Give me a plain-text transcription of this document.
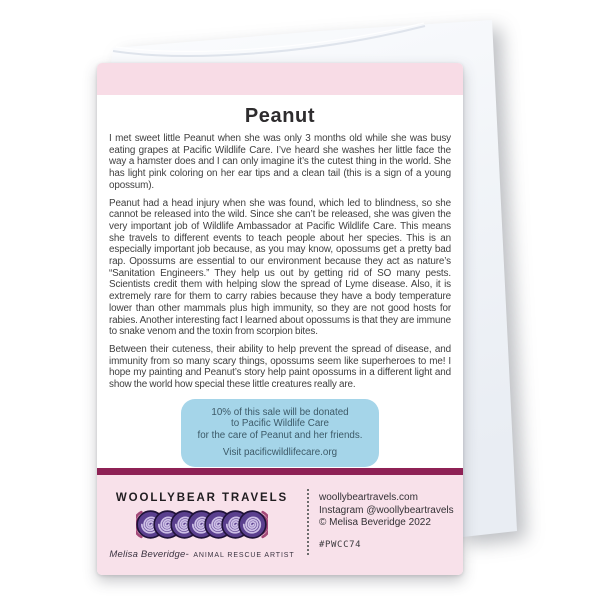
Peanut

I met sweet little Peanut when she was only 3 months old while she was busy eating grapes at Pacific Wildlife Care. I’ve heard she washes her little face the way a hamster does and I can only imagine it’s the cutest thing in the world. She has light pink coloring on her ear tips and a clean tail (this is a sign of a young opossum).

Peanut had a head injury when she was found, which led to blindness, so she cannot be released into the wild. Since she can’t be released, she was given the very important job of Wildlife Ambassador at Pacific Wildlife Care. This means she travels to different events to teach people about her species. This is an especially important job because, as you may know, opossums get a pretty bad rap. Opossums are essential to our environment because they act as nature’s “Sanitation Engineers.” They help us out by getting rid of SO many pests. Scientists credit them with helping slow the spread of Lyme disease. Also, it is extremely rare for them to carry rabies because they have a body temperature lower than other mammals plus high immunity, so they are not good hosts for rabies. Another interesting fact I learned about opossums is that they are immune to snake venom and the toxin from scorpion bites.

Between their cuteness, their ability to help prevent the spread of disease, and immunity from so many scary things, opossums seem like superheroes to me! I hope my painting and Peanut’s story help paint opossums in a different light and show the world how special these little creatures really are.

10% of this sale will be donated
to Pacific Wildlife Care
for the care of Peanut and her friends.
Visit pacificwildlifecare.org
WOOLLYBEAR TRAVELS
Melisa Beveridge- ANIMAL RESCUE ARTIST
woollybeartravels.com
Instagram @woollybeartravels
© Melisa Beveridge 2022
#PWCC74
